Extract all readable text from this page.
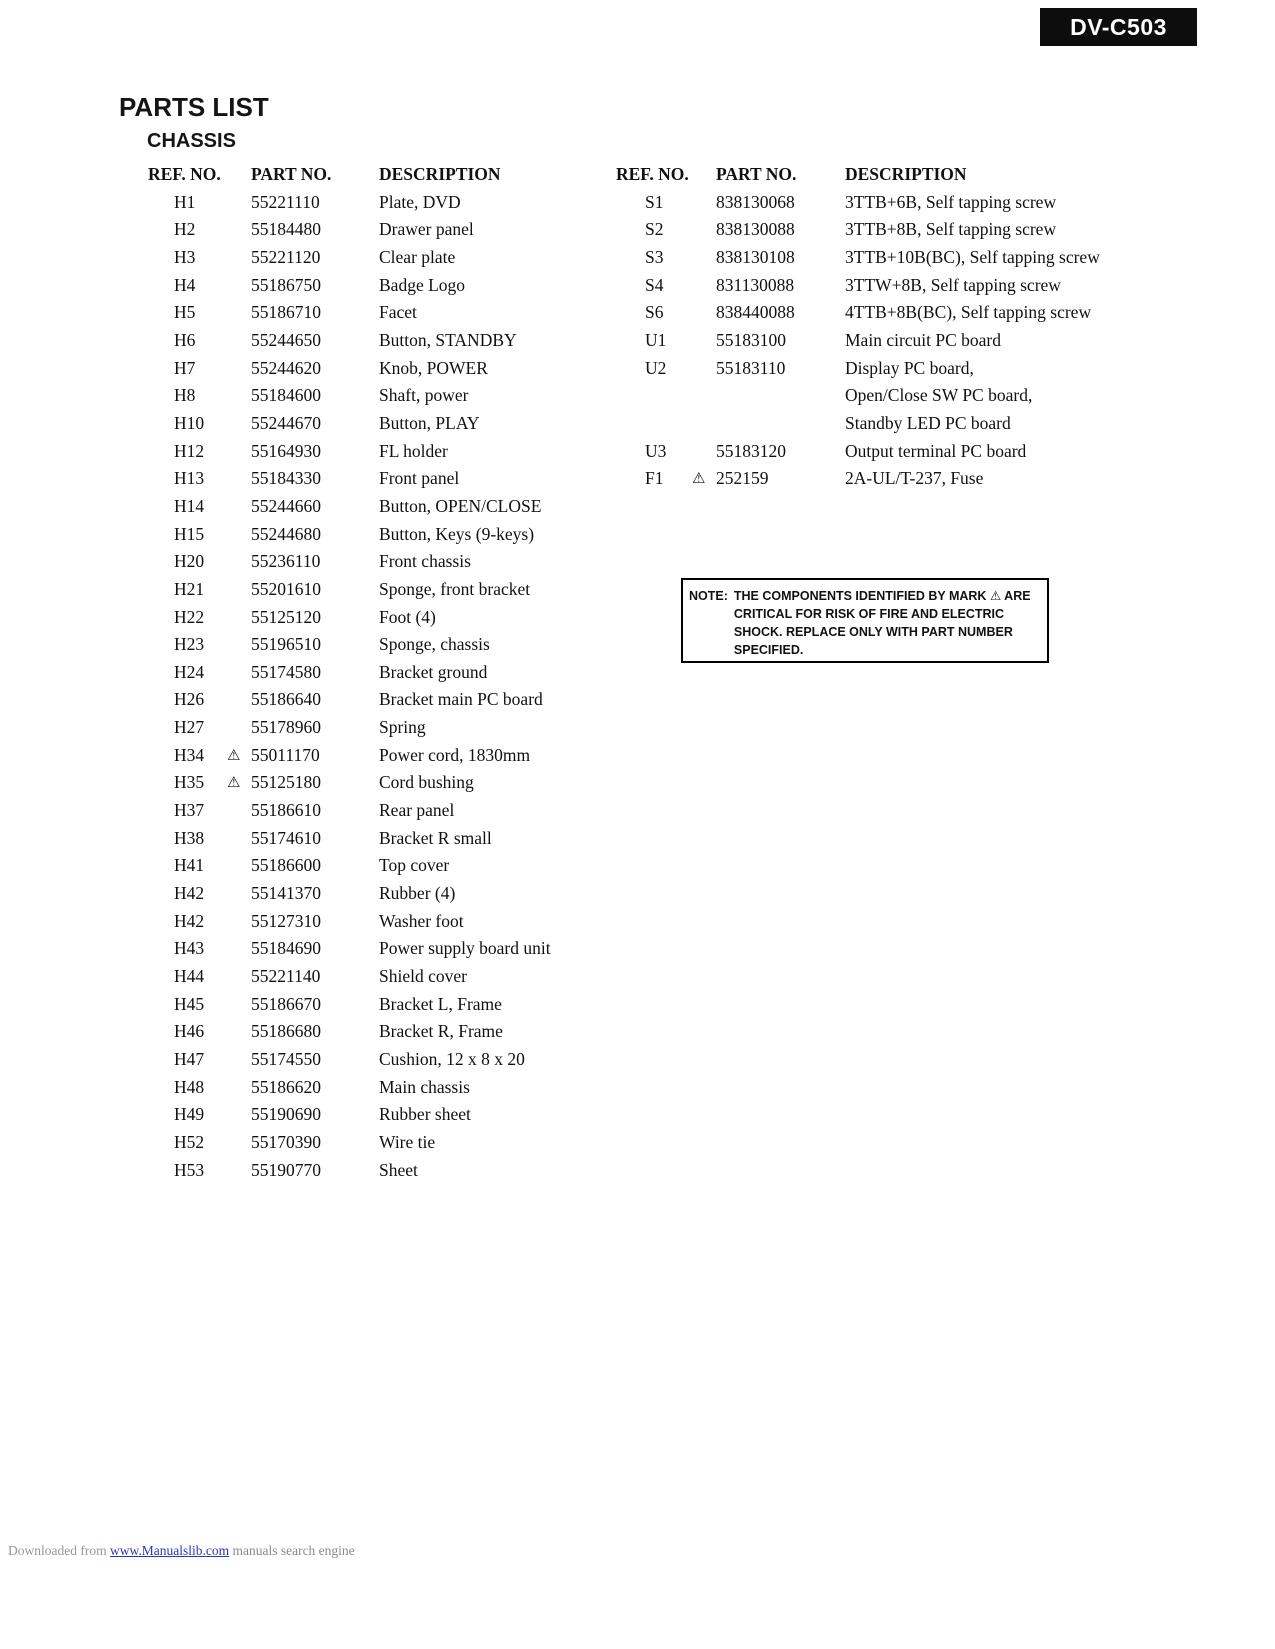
DV-C503
PARTS LIST
CHASSIS
REF. NO.	PART NO.	DESCRIPTION
H1	55221110	Plate, DVD
H2	55184480	Drawer panel
H3	55221120	Clear plate
H4	55186750	Badge Logo
H5	55186710	Facet
H6	55244650	Button, STANDBY
H7	55244620	Knob, POWER
H8	55184600	Shaft, power
H10	55244670	Button, PLAY
H12	55164930	FL holder
H13	55184330	Front panel
H14	55244660	Button, OPEN/CLOSE
H15	55244680	Button, Keys (9-keys)
H20	55236110	Front chassis
H21	55201610	Sponge, front bracket
H22	55125120	Foot (4)
H23	55196510	Sponge, chassis
H24	55174580	Bracket ground
H26	55186640	Bracket main PC board
H27	55178960	Spring
H34	⚠ 55011170	Power cord, 1830mm
H35	⚠ 55125180	Cord bushing
H37	55186610	Rear panel
H38	55174610	Bracket R small
H41	55186600	Top cover
H42	55141370	Rubber (4)
H42	55127310	Washer foot
H43	55184690	Power supply board unit
H44	55221140	Shield cover
H45	55186670	Bracket L, Frame
H46	55186680	Bracket R, Frame
H47	55174550	Cushion, 12 x 8 x 20
H48	55186620	Main chassis
H49	55190690	Rubber sheet
H52	55170390	Wire tie
H53	55190770	Sheet
REF. NO.	PART NO.	DESCRIPTION
S1	838130068	3TTB+6B, Self tapping screw
S2	838130088	3TTB+8B, Self tapping screw
S3	838130108	3TTB+10B(BC), Self tapping screw
S4	831130088	3TTW+8B, Self tapping screw
S6	838440088	4TTB+8B(BC), Self tapping screw
U1	55183100	Main circuit PC board
U2	55183110	Display PC board,
Open/Close SW PC board,
Standby LED PC board
U3	55183120	Output terminal PC board
F1	⚠ 252159	2A-UL/T-237, Fuse
NOTE: THE COMPONENTS IDENTIFIED BY MARK ⚠ ARE CRITICAL FOR RISK OF FIRE AND ELECTRIC SHOCK. REPLACE ONLY WITH PART NUMBER SPECIFIED.
Downloaded from www.Manualslib.com manuals search engine
